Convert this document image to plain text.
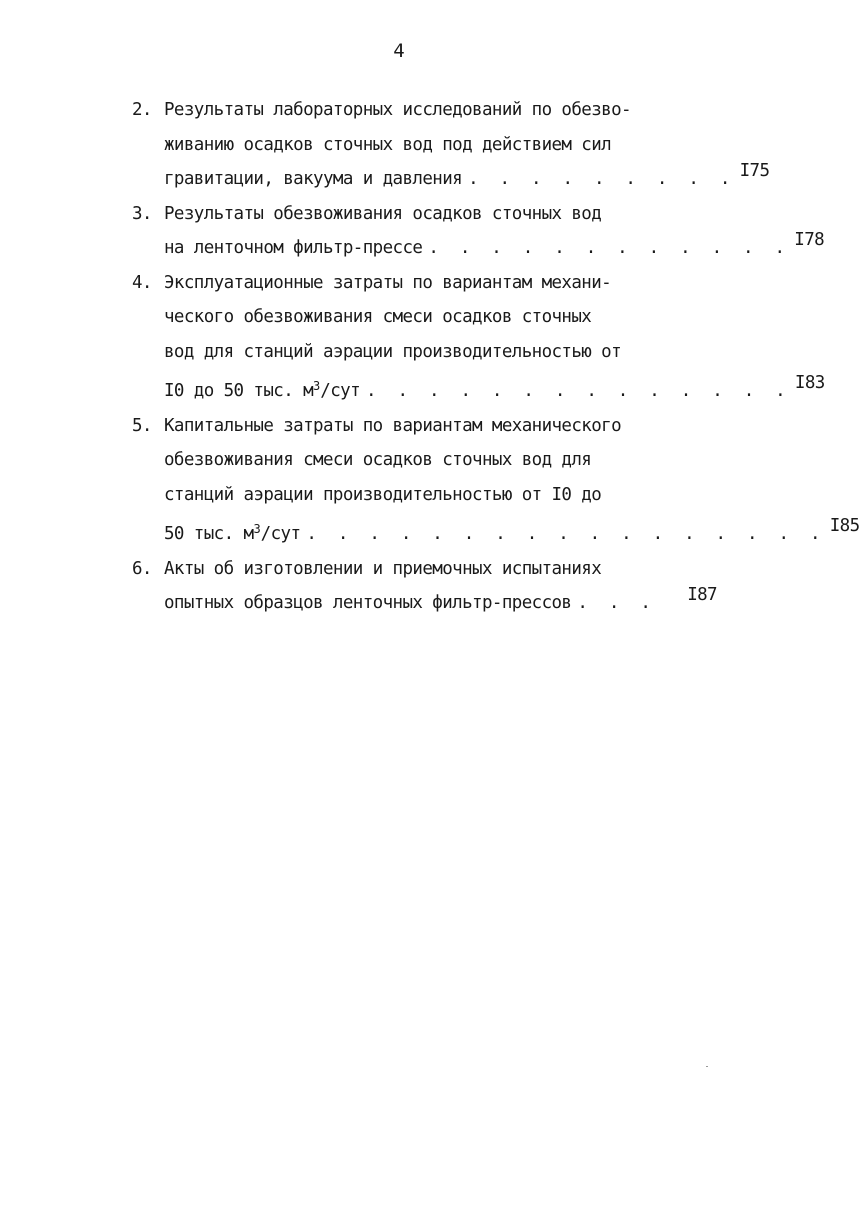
4
2. Результаты лабораторных исследований по обезво-
живанию осадков сточных вод под действием сил
гравитации, вакуума и давления . . . . . . . . . I75
3. Результаты обезвоживания осадков сточных вод
на ленточном фильтр-прессе . . . . . . . . . . . . I78
4. Эксплуатационные затраты по вариантам механи-
ческого обезвоживания смеси осадков сточных
вод для станций аэрации производительностью от
I0 до 50 тыс. $м^3$/сут . . . . . . . . . . . . . . I83
5. Капитальные затраты по вариантам механического
обезвоживания смеси осадков сточных вод для
станций аэрации производительностью от I0 до
50 тыс. $м^3$/сут . . . . . . . . . . . . . . . . . I85
6. Акты об изготовлении и приемочных испытаниях
опытных образцов ленточных фильтр-прессов . . .	I87
